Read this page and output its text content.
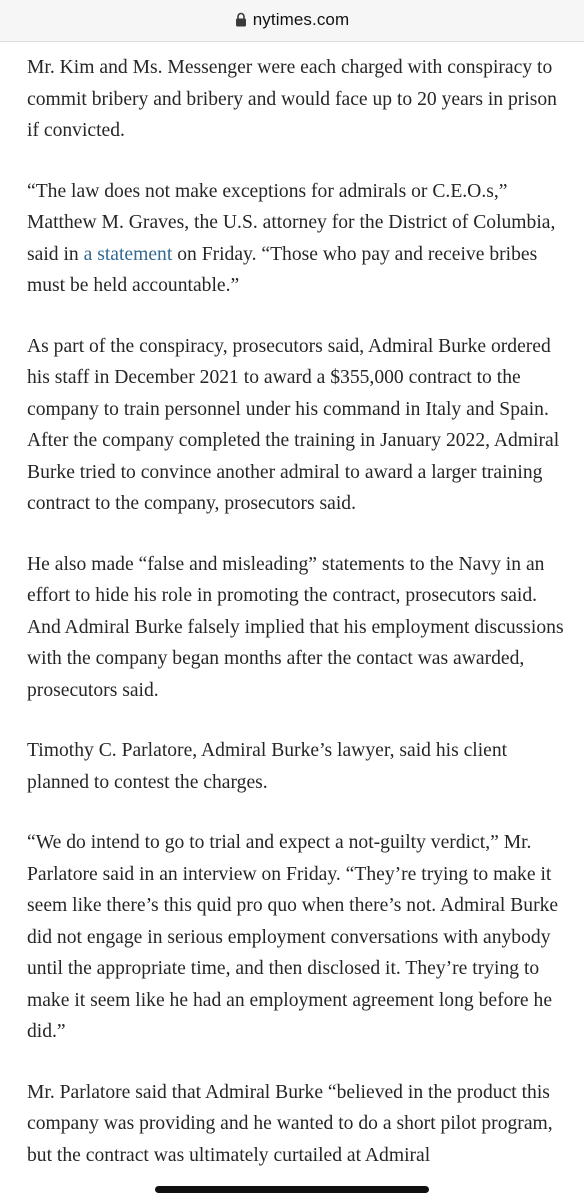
nytimes.com

Mr. Kim and Ms. Messenger were each charged with conspiracy to commit bribery and bribery and would face up to 20 years in prison if convicted.

“The law does not make exceptions for admirals or C.E.O.s,” Matthew M. Graves, the U.S. attorney for the District of Columbia, said in a statement on Friday. “Those who pay and receive bribes must be held accountable.”

As part of the conspiracy, prosecutors said, Admiral Burke ordered his staff in December 2021 to award a $355,000 contract to the company to train personnel under his command in Italy and Spain. After the company completed the training in January 2022, Admiral Burke tried to convince another admiral to award a larger training contract to the company, prosecutors said.

He also made “false and misleading” statements to the Navy in an effort to hide his role in promoting the contract, prosecutors said. And Admiral Burke falsely implied that his employment discussions with the company began months after the contact was awarded, prosecutors said.

Timothy C. Parlatore, Admiral Burke’s lawyer, said his client planned to contest the charges.

“We do intend to go to trial and expect a not-guilty verdict,” Mr. Parlatore said in an interview on Friday. “They’re trying to make it seem like there’s this quid pro quo when there’s not. Admiral Burke did not engage in serious employment conversations with anybody until the appropriate time, and then disclosed it. They’re trying to make it seem like he had an employment agreement long before he did.”

Mr. Parlatore said that Admiral Burke “believed in the product this company was providing and he wanted to do a short pilot program, but the contract was ultimately curtailed at Admiral
